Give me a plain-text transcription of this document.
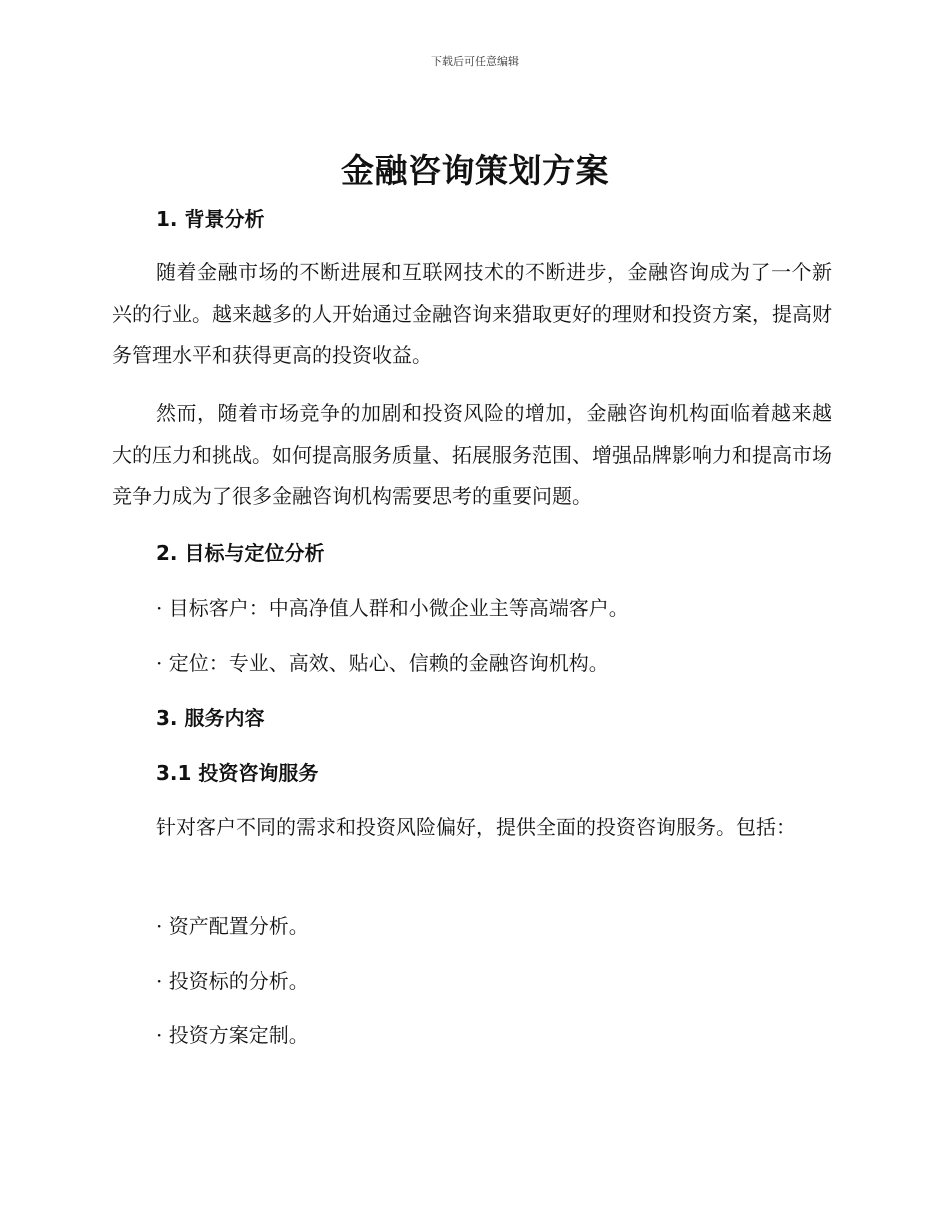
下载后可任意编辑
金融咨询策划方案
1. 背景分析

随着金融市场的不断进展和互联网技术的不断进步，金融咨询成为了一个新兴的行业。越来越多的人开始通过金融咨询来猎取更好的理财和投资方案，提高财务管理水平和获得更高的投资收益。

然而，随着市场竞争的加剧和投资风险的增加，金融咨询机构面临着越来越大的压力和挑战。如何提高服务质量、拓展服务范围、增强品牌影响力和提高市场竞争力成为了很多金融咨询机构需要思考的重要问题。

2. 目标与定位分析

· 目标客户：中高净值人群和小微企业主等高端客户。

· 定位：专业、高效、贴心、信赖的金融咨询机构。

3. 服务内容
3.1 投资咨询服务

针对客户不同的需求和投资风险偏好，提供全面的投资咨询服务。包括：

· 资产配置分析。

· 投资标的分析。

· 投资方案定制。
